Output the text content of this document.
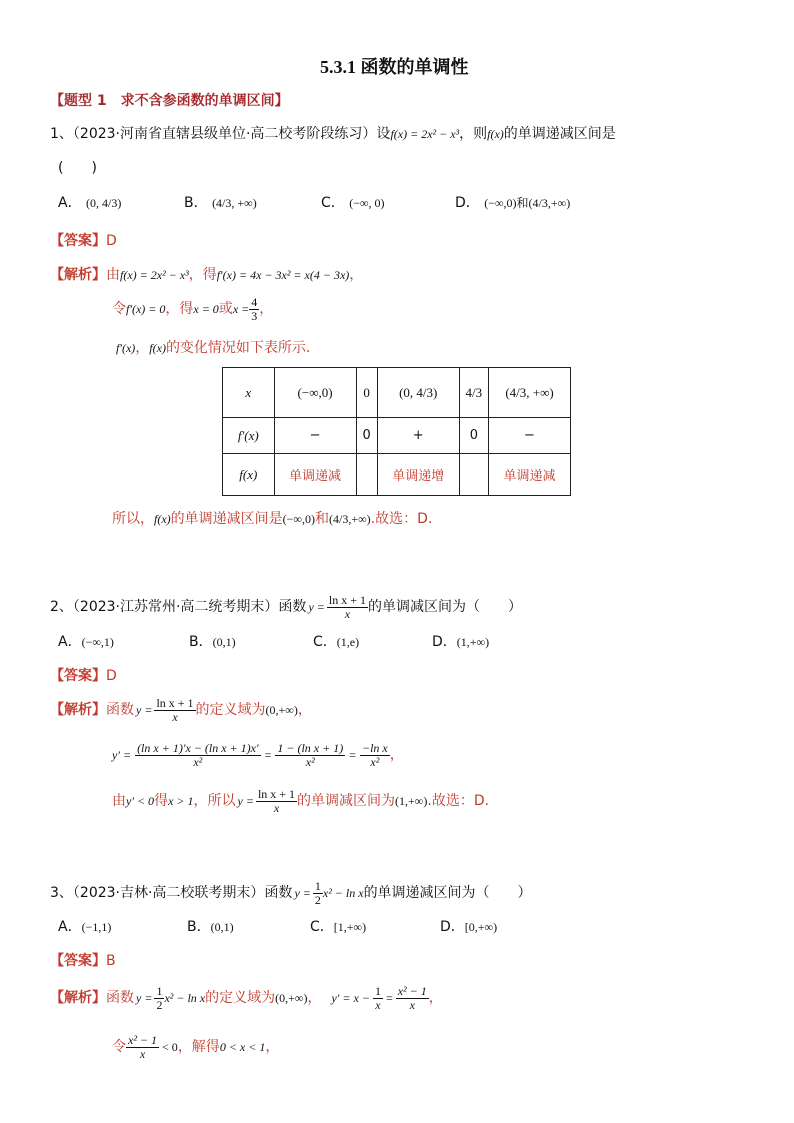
5.3.1 函数的单调性
【题型 1　求不含参函数的单调区间】
1、（2023·河南省直辖县级单位·高二校考阶段练习）设f(x) = 2x² − x³，则f(x)的单调递减区间是
(　　)
A． (0, 4/3)	B． (4/3, +∞)	C． (−∞, 0)	D． (−∞,0)和(4/3,+∞)
【答案】D
【解析】由f(x) = 2x² − x³，得f′(x) = 4x − 3x² = x(4 − 3x)，
令 f′(x) = 0 ，得 x = 0 或 $x = \frac{4}{3}$ ，
f′(x)，f(x)的变化情况如下表所示.
x	(−∞,0)	0	(0, 4/3)	4/3	(4/3, +∞)
f′(x)	−	0	+	0	−
f(x)	单调递减		单调递增		单调递减
所以，f(x)的单调递减区间是(−∞,0)和(4/3,+∞).故选：D.
2、（2023·江苏常州·高二统考期末）函数 $y = \frac{\text{ln x + 1}}{x}$ 的单调减区间为（　　）
A．(−∞,1)	B．(0,1)	C．(1,e)	D．(1,+∞)
【答案】D
【解析】 函数 $y = \frac{\text{ln x + 1}}{x}$ 的定义域为 (0,+∞) ，
$y' = \frac{\text{(ln x + 1)′x − (ln x + 1)x′}}{\text{x²}} = \frac{\text{1 − (ln x + 1)}}{\text{x²}} = \frac{\text{−ln x}}{\text{x²}}$ ，
由 y′ < 0 得 x > 1 ，所以 $y = \frac{\text{ln x + 1}}{x}$ 的单调减区间为 (1,+∞) .故选：D.
3、（2023·吉林·高二校联考期末）函数 $y = \frac{1}{2} x^2 - \ln x$ 的单调递减区间为（　　）
A．(−1,1)	B．(0,1)	C．[1,+∞)	D．[0,+∞)
【答案】B
【解析】 函数 $y = \frac{1}{2} x^2 - \ln x$ 的定义域为 (0,+∞) ， $y' = x - \frac{1}{x} = \frac{\text{x² − 1}}{x}$ ，
令 $\frac{\text{x² − 1}}{x} < 0$ ，解得 0 < x < 1 ，
